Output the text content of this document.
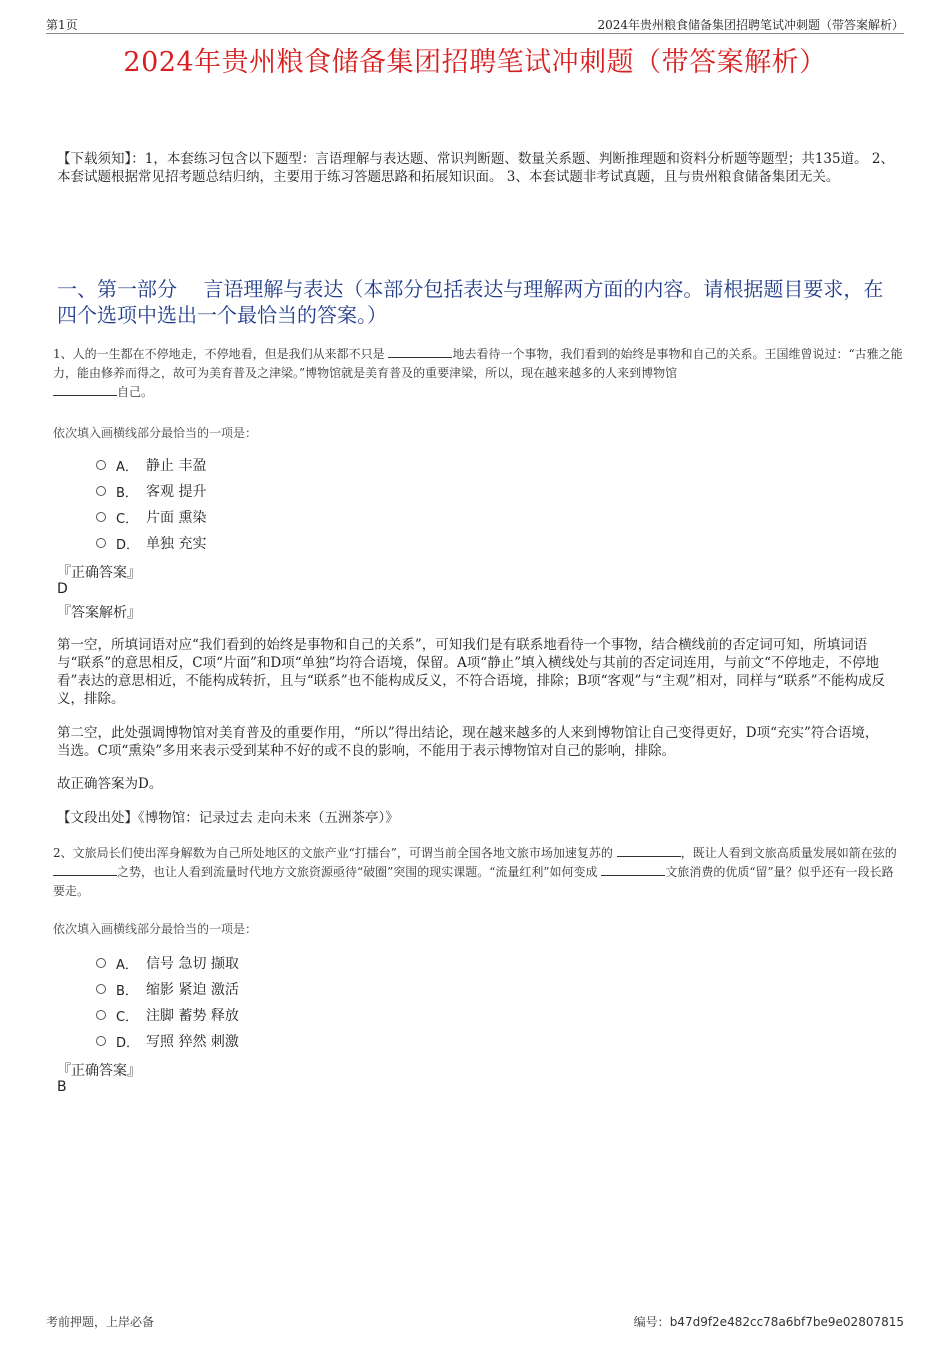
第1页	2024年贵州粮食储备集团招聘笔试冲刺题（带答案解析）
2024年贵州粮食储备集团招聘笔试冲刺题（带答案解析）
【下载须知】：1，本套练习包含以下题型：言语理解与表达题、常识判断题、数量关系题、判断推理题和资料分析题等题型；共135道。 2、本套试题根据常见招考题总结归纳，主要用于练习答题思路和拓展知识面。 3、本套试题非考试真题，且与贵州粮食储备集团无关。
一、第一部分　 言语理解与表达（本部分包括表达与理解两方面的内容。请根据题目要求，在四个选项中选出一个最恰当的答案。）
1、人的一生都在不停地走，不停地看，但是我们从来都不只是	地去看待一个事物，我们看到的始终是事物和自己的关系。王国维曾说过：“古雅之能力，能由修养而得之，故可为美育普及之津梁。”博物馆就是美育普及的重要津梁，所以，现在越来越多的人来到博物馆
自己。
依次填入画横线部分最恰当的一项是：
A． 静止 丰盈
B． 客观 提升
C． 片面 熏染
D． 单独 充实
『正确答案』
D
『答案解析』
第一空，所填词语对应“我们看到的始终是事物和自己的关系”，可知我们是有联系地看待一个事物，结合横线前的否定词可知，所填词语与“联系”的意思相反，C项“片面”和D项“单独”均符合语境，保留。A项“静止”填入横线处与其前的否定词连用，与前文“不停地走，不停地看”表达的意思相近，不能构成转折，且与“联系”也不能构成反义，不符合语境，排除；B项“客观”与“主观”相对，同样与“联系”不能构成反义，排除。
第二空，此处强调博物馆对美育普及的重要作用，“所以”得出结论，现在越来越多的人来到博物馆让自己变得更好，D项“充实”符合语境，当选。C项“熏染”多用来表示受到某种不好的或不良的影响，不能用于表示博物馆对自己的影响，排除。
故正确答案为D。
【文段出处】《博物馆：记录过去 走向未来（五洲茶亭）》
2、文旅局长们使出浑身解数为自己所处地区的文旅产业“打擂台”，可谓当前全国各地文旅市场加速复苏的	，既让人看到文旅高质量发展如箭在弦的 之势，也让人看到流量时代地方文旅资源亟待“破圈”突围的现实课题。“流量红利”如何变成	文旅消费的优质“留”量？似乎还有一段长路要走。
依次填入画横线部分最恰当的一项是：
A． 信号 急切 撷取
B． 缩影 紧迫 激活
C． 注脚 蓄势 释放
D． 写照 猝然 刺激
『正确答案』
B
考前押题，上岸必备	编号：b47d9f2e482cc78a6bf7be9e02807815
